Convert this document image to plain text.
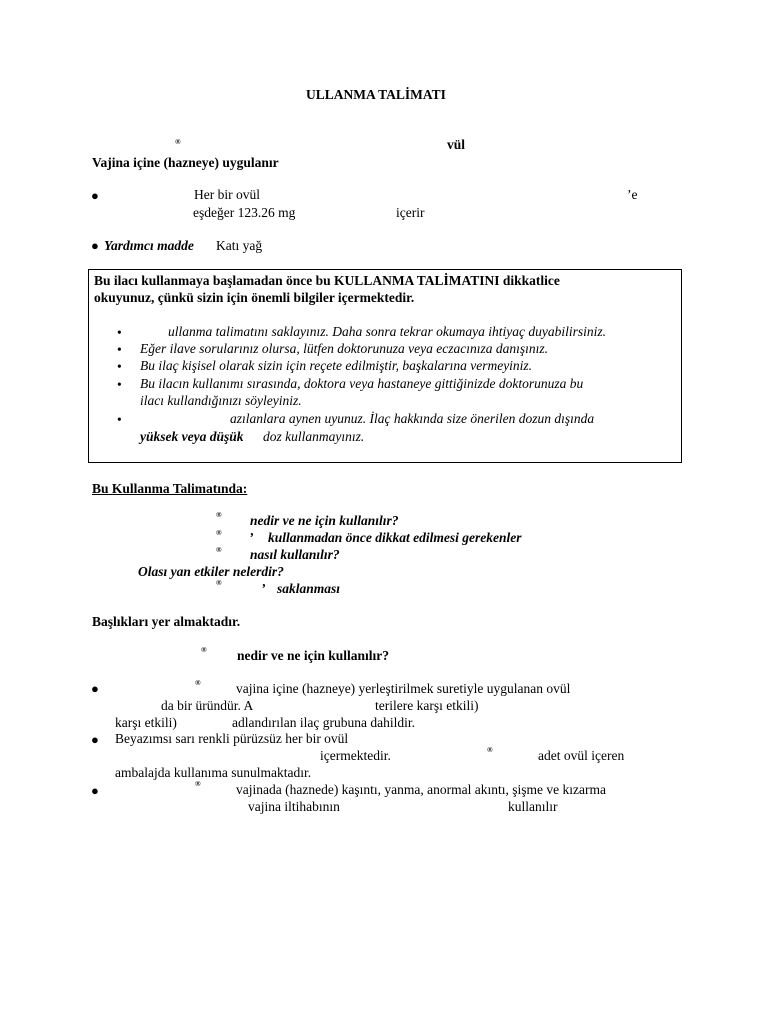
ULLANMA TALİMATI
®	vül
Vajina içine (hazneye) uygulanır
●	Her bir ovül	’e
eşdeğer 123.26 mg	içerir
● Yardımcı madde Katı yağ
Bu ilacı kullanmaya başlamadan önce bu KULLANMA TALİMATINI dikkatlice
okuyunuz, çünkü sizin için önemli bilgiler içermektedir.
•	ullanma talimatını saklayınız. Daha sonra tekrar okumaya ihtiyaç duyabilirsiniz.
• Eğer ilave sorularınız olursa, lütfen doktorunuza veya eczacınıza danışınız.
• Bu ilaç kişisel olarak sizin için reçete edilmiştir, başkalarına vermeyiniz.
• Bu ilacın kullanımı sırasında, doktora veya hastaneye gittiğinizde doktorunuza bu
ilacı kullandığınızı söyleyiniz.
•	azılanlara aynen uyunuz. İlaç hakkında size önerilen dozun dışında
yüksek veya düşük doz kullanmayınız.
Bu Kullanma Talimatında:
® nedir ve ne için kullanılır?
® ’ kullanmadan önce dikkat edilmesi gerekenler
® nasıl kullanılır?
Olası yan etkiler nelerdir?
®	’ saklanması
Başlıkları yer almaktadır.
® nedir ve ne için kullanılır?
●	®	vajina içine (hazneye) yerleştirilmek suretiyle uygulanan ovül
da bir üründür. A	terilere karşı etkili)
karşı etkili)	adlandırılan ilaç grubuna dahildir.
● Beyazımsı sarı renkli pürüzsüz her bir ovül
içermektedir.	®	adet ovül içeren
ambalajda kullanıma sunulmaktadır.
●	®	vajinada (haznede) kaşıntı, yanma, anormal akıntı, şişme ve kızarma
vajina iltihabının	kullanılır
